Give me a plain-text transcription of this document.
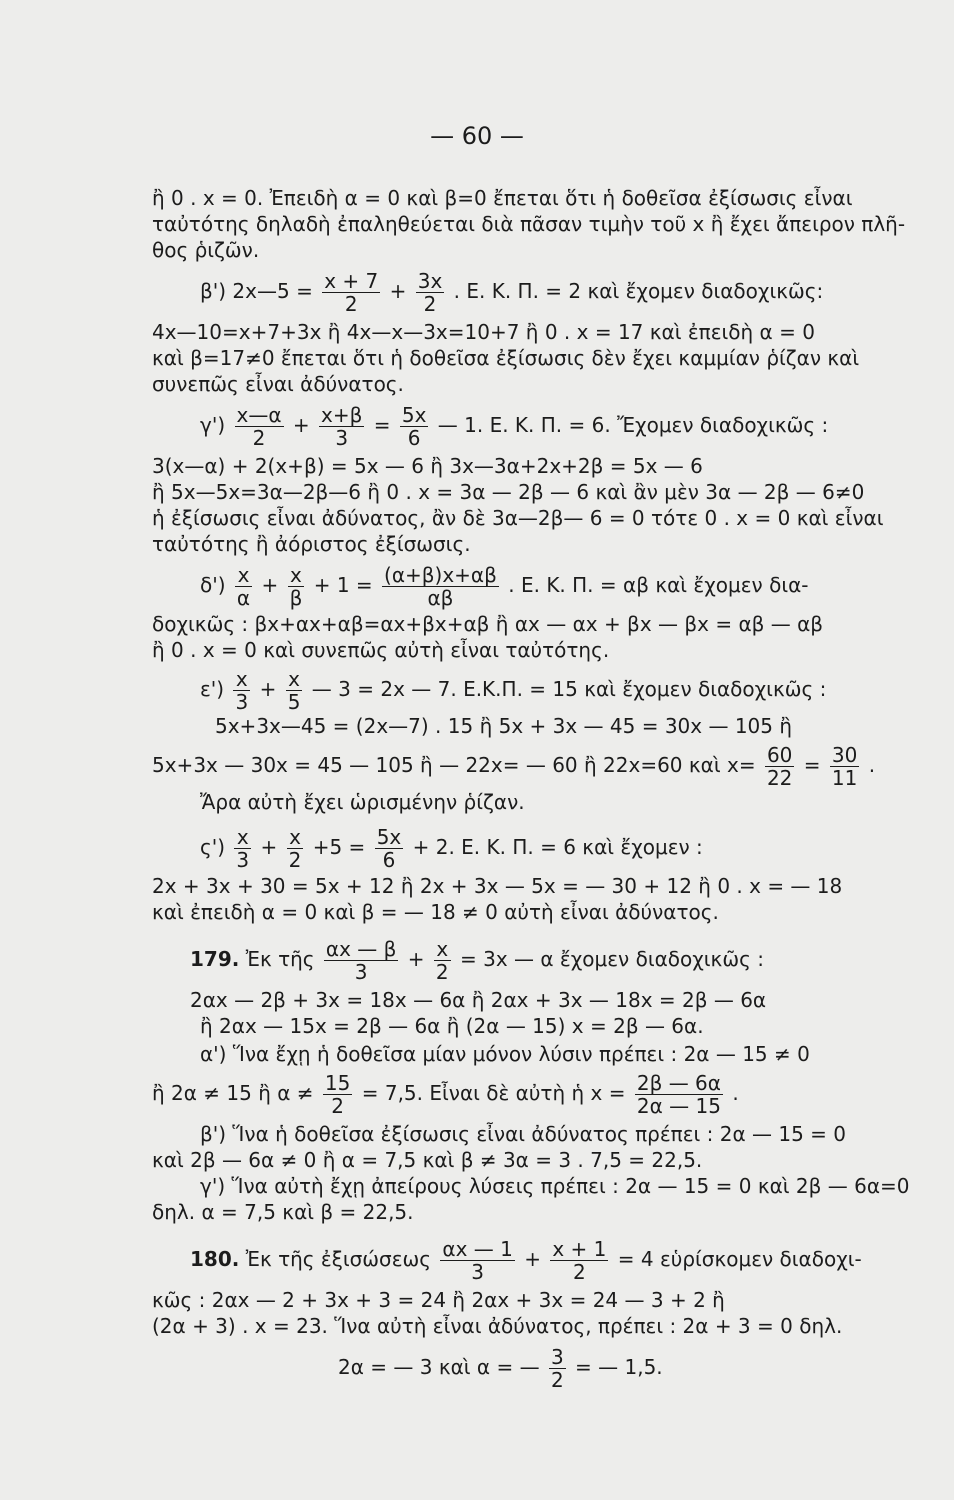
— 60 —
ἢ 0 . x = 0. Ἐπειδὴ α = 0 καὶ β=0 ἔπεται ὅτι ἡ δοθεῖσα ἐξίσωσις εἶναι
ταὐτότης δηλαδὴ ἐπαληθεύεται διὰ πᾶσαν τιμὴν τοῦ x ἢ ἔχει ἄπειρον πλῆ-
θος ῥιζῶν.
β') 2x—5 = $\frac{x + 7}{2} + \frac{3x}{2}$ . Ε. Κ. Π. = 2 καὶ ἔχομεν διαδοχικῶς:
4x—10=x+7+3x ἢ 4x—x—3x=10+7 ἢ 0 . x = 17 καὶ ἐπειδὴ α = 0
καὶ β=17≠0 ἔπεται ὅτι ἡ δοθεῖσα ἐξίσωσις δὲν ἔχει καμμίαν ῥίζαν καὶ
συνεπῶς εἶναι ἀδύνατος.
$\gamma') \frac{x—\alpha}{2} + \frac{x+\beta}{3} = \frac{5x}{6}$ — 1. Ε. Κ. Π. = 6. Ἔχομεν διαδοχικῶς :
3(x—α) + 2(x+β) = 5x — 6 ἢ 3x—3α+2x+2β = 5x — 6
ἢ 5x—5x=3α—2β—6 ἢ 0 . x = 3α — 2β — 6 καὶ ἂν μὲν 3α — 2β — 6≠0
ἡ ἐξίσωσις εἶναι ἀδύνατος, ἂν δὲ 3α—2β— 6 = 0 τότε 0 . x = 0 καὶ εἶναι
ταὐτότης ἢ ἀόριστος ἐξίσωσις.
$\delta') \frac{x}{\alpha} + \frac{x}{\beta} + 1 = \frac{(\alpha+\beta)x+\alpha\beta}{\alpha\beta}$ . Ε. Κ. Π. = αβ καὶ ἔχομεν δια-
δοχικῶς : βx+αx+αβ=αx+βx+αβ ἢ αx — αx + βx — βx = αβ — αβ
ἢ 0 . x = 0 καὶ συνεπῶς αὐτὴ εἶναι ταὐτότης.
$\varepsilon') \frac{x}{3} + \frac{x}{5}$ — 3 = 2x — 7. Ε.Κ.Π. = 15 καὶ ἔχομεν διαδοχικῶς :
5x+3x—45 = (2x—7) . 15 ἢ 5x + 3x — 45 = 30x — 105 ἢ
5x+3x — 30x = 45 — 105 ἢ — 22x= — 60 ἢ 22x=60 καὶ $x= \frac{60}{22} = \frac{30}{11}$ .
Ἄρα αὐτὴ ἔχει ὡρισμένην ῥίζαν.
$\varsigma') \frac{x}{3} + \frac{x}{2} +5 = \frac{5x}{6} + 2$. Ε. Κ. Π. = 6 καὶ ἔχομεν :
2x + 3x + 30 = 5x + 12 ἢ 2x + 3x — 5x = — 30 + 12 ἢ 0 . x = — 18
καὶ ἐπειδὴ α = 0 καὶ β = — 18 ≠ 0 αὐτὴ εἶναι ἀδύνατος.
179. Ἐκ τῆς $\frac{\alpha x — \beta}{3} + \frac{x}{2} = 3x$ — α ἔχομεν διαδοχικῶς :
2αx — 2β + 3x = 18x — 6α ἢ 2αx + 3x — 18x = 2β — 6α
ἢ 2αx — 15x = 2β — 6α ἢ (2α — 15) x = 2β — 6α.
α') Ἵνα ἔχῃ ἡ δοθεῖσα μίαν μόνον λύσιν πρέπει : 2α — 15 ≠ 0
ἢ 2α ≠ 15 ἢ $\alpha \ne \frac{15}{2} = 7,5$. Εἶναι δὲ αὐτὴ ἡ $x = \frac{2\beta — 6\alpha}{2\alpha — 15}$ .
β') Ἵνα ἡ δοθεῖσα ἐξίσωσις εἶναι ἀδύνατος πρέπει : 2α — 15 = 0
καὶ 2β — 6α ≠ 0 ἢ α = 7,5 καὶ β ≠ 3α = 3 . 7,5 = 22,5.
γ') Ἵνα αὐτὴ ἔχῃ ἀπείρους λύσεις πρέπει : 2α — 15 = 0 καὶ 2β — 6α=0
δηλ. α = 7,5 καὶ β = 22,5.
180. Ἐκ τῆς ἐξισώσεως $\frac{\alpha x — 1}{3} + \frac{x + 1}{2} = 4$ εὑρίσκομεν διαδοχι-
κῶς : 2αx — 2 + 3x + 3 = 24 ἢ 2αx + 3x = 24 — 3 + 2 ἢ
(2α + 3) . x = 23. Ἵνα αὐτὴ εἶναι ἀδύνατος, πρέπει : 2α + 3 = 0 δηλ.
2α = — 3 καὶ α = — $\frac{3}{2}$ = — 1,5.
